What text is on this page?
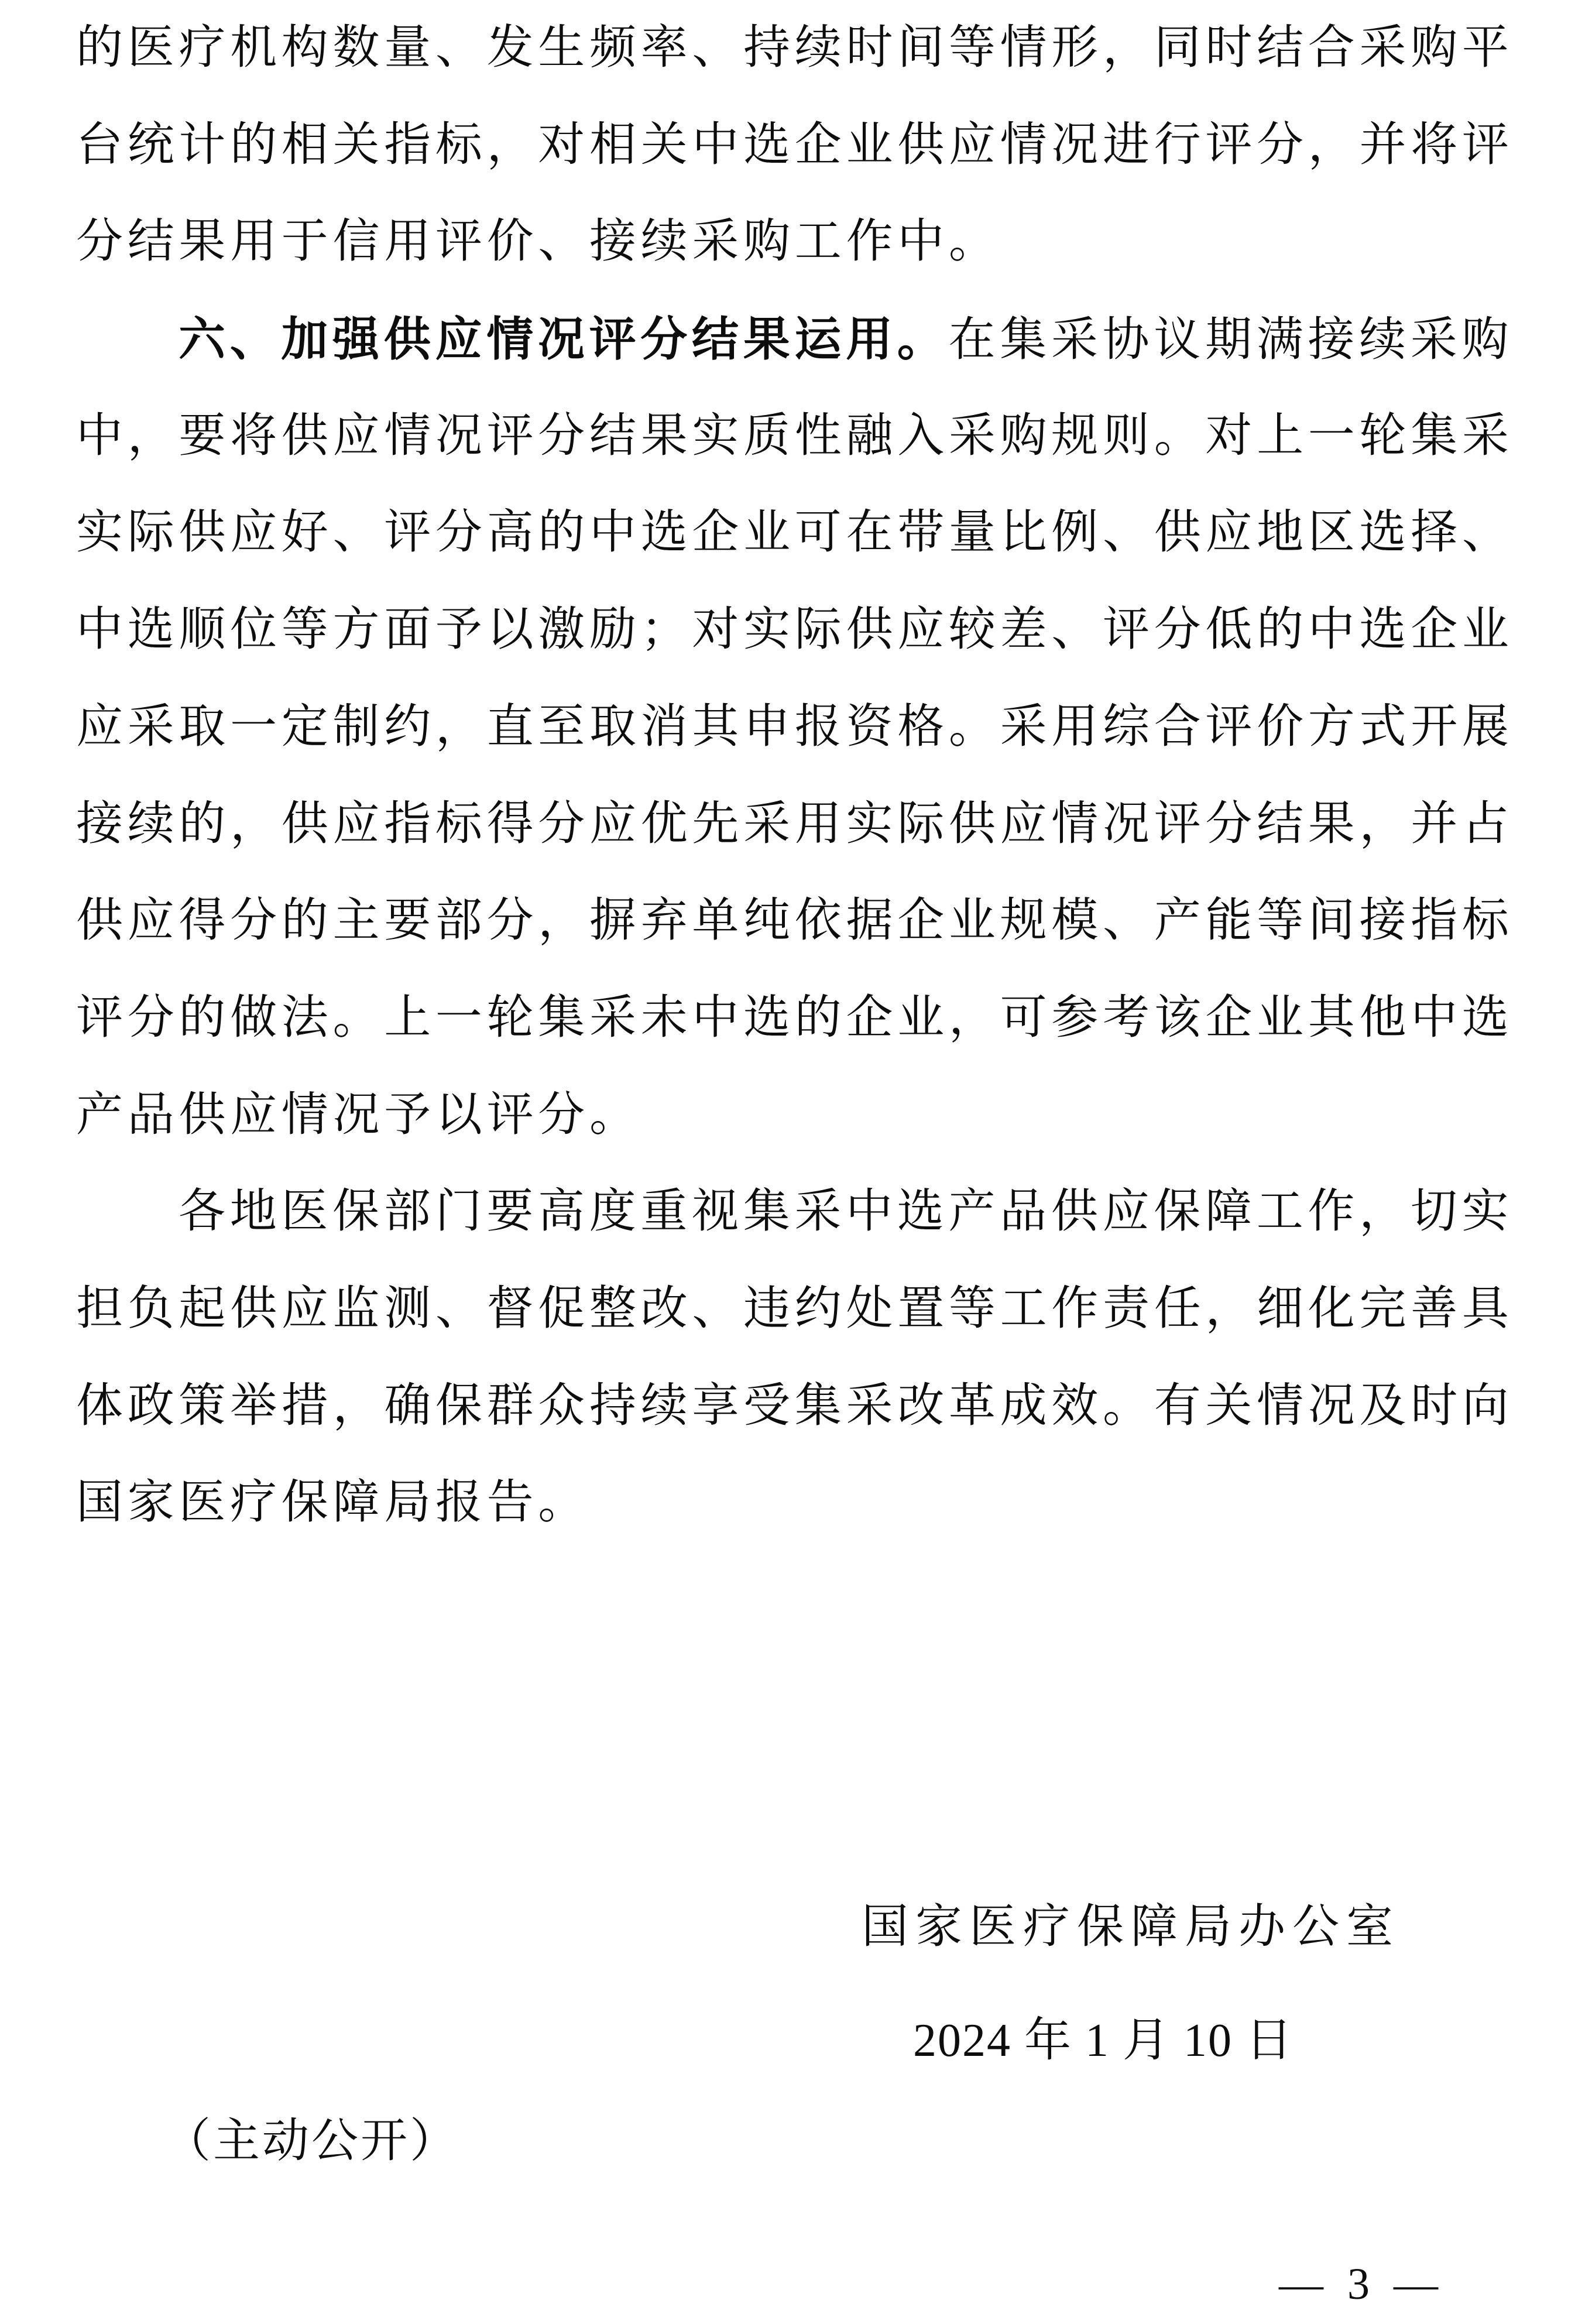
的医疗机构数量、发生频率、持续时间等情形，同时结合采购平
台统计的相关指标，对相关中选企业供应情况进行评分，并将评
分结果用于信用评价、接续采购工作中。
六、加强供应情况评分结果运用。在集采协议期满接续采购
中，要将供应情况评分结果实质性融入采购规则。对上一轮集采
实际供应好、评分高的中选企业可在带量比例、供应地区选择、
中选顺位等方面予以激励；对实际供应较差、评分低的中选企业
应采取一定制约，直至取消其申报资格。采用综合评价方式开展
接续的，供应指标得分应优先采用实际供应情况评分结果，并占
供应得分的主要部分，摒弃单纯依据企业规模、产能等间接指标
评分的做法。上一轮集采未中选的企业，可参考该企业其他中选
产品供应情况予以评分。
各地医保部门要高度重视集采中选产品供应保障工作，切实
担负起供应监测、督促整改、违约处置等工作责任，细化完善具
体政策举措，确保群众持续享受集采改革成效。有关情况及时向
国家医疗保障局报告。
国家医疗保障局办公室
2024 年 1 月 10 日
（主动公开）
— 3 —
